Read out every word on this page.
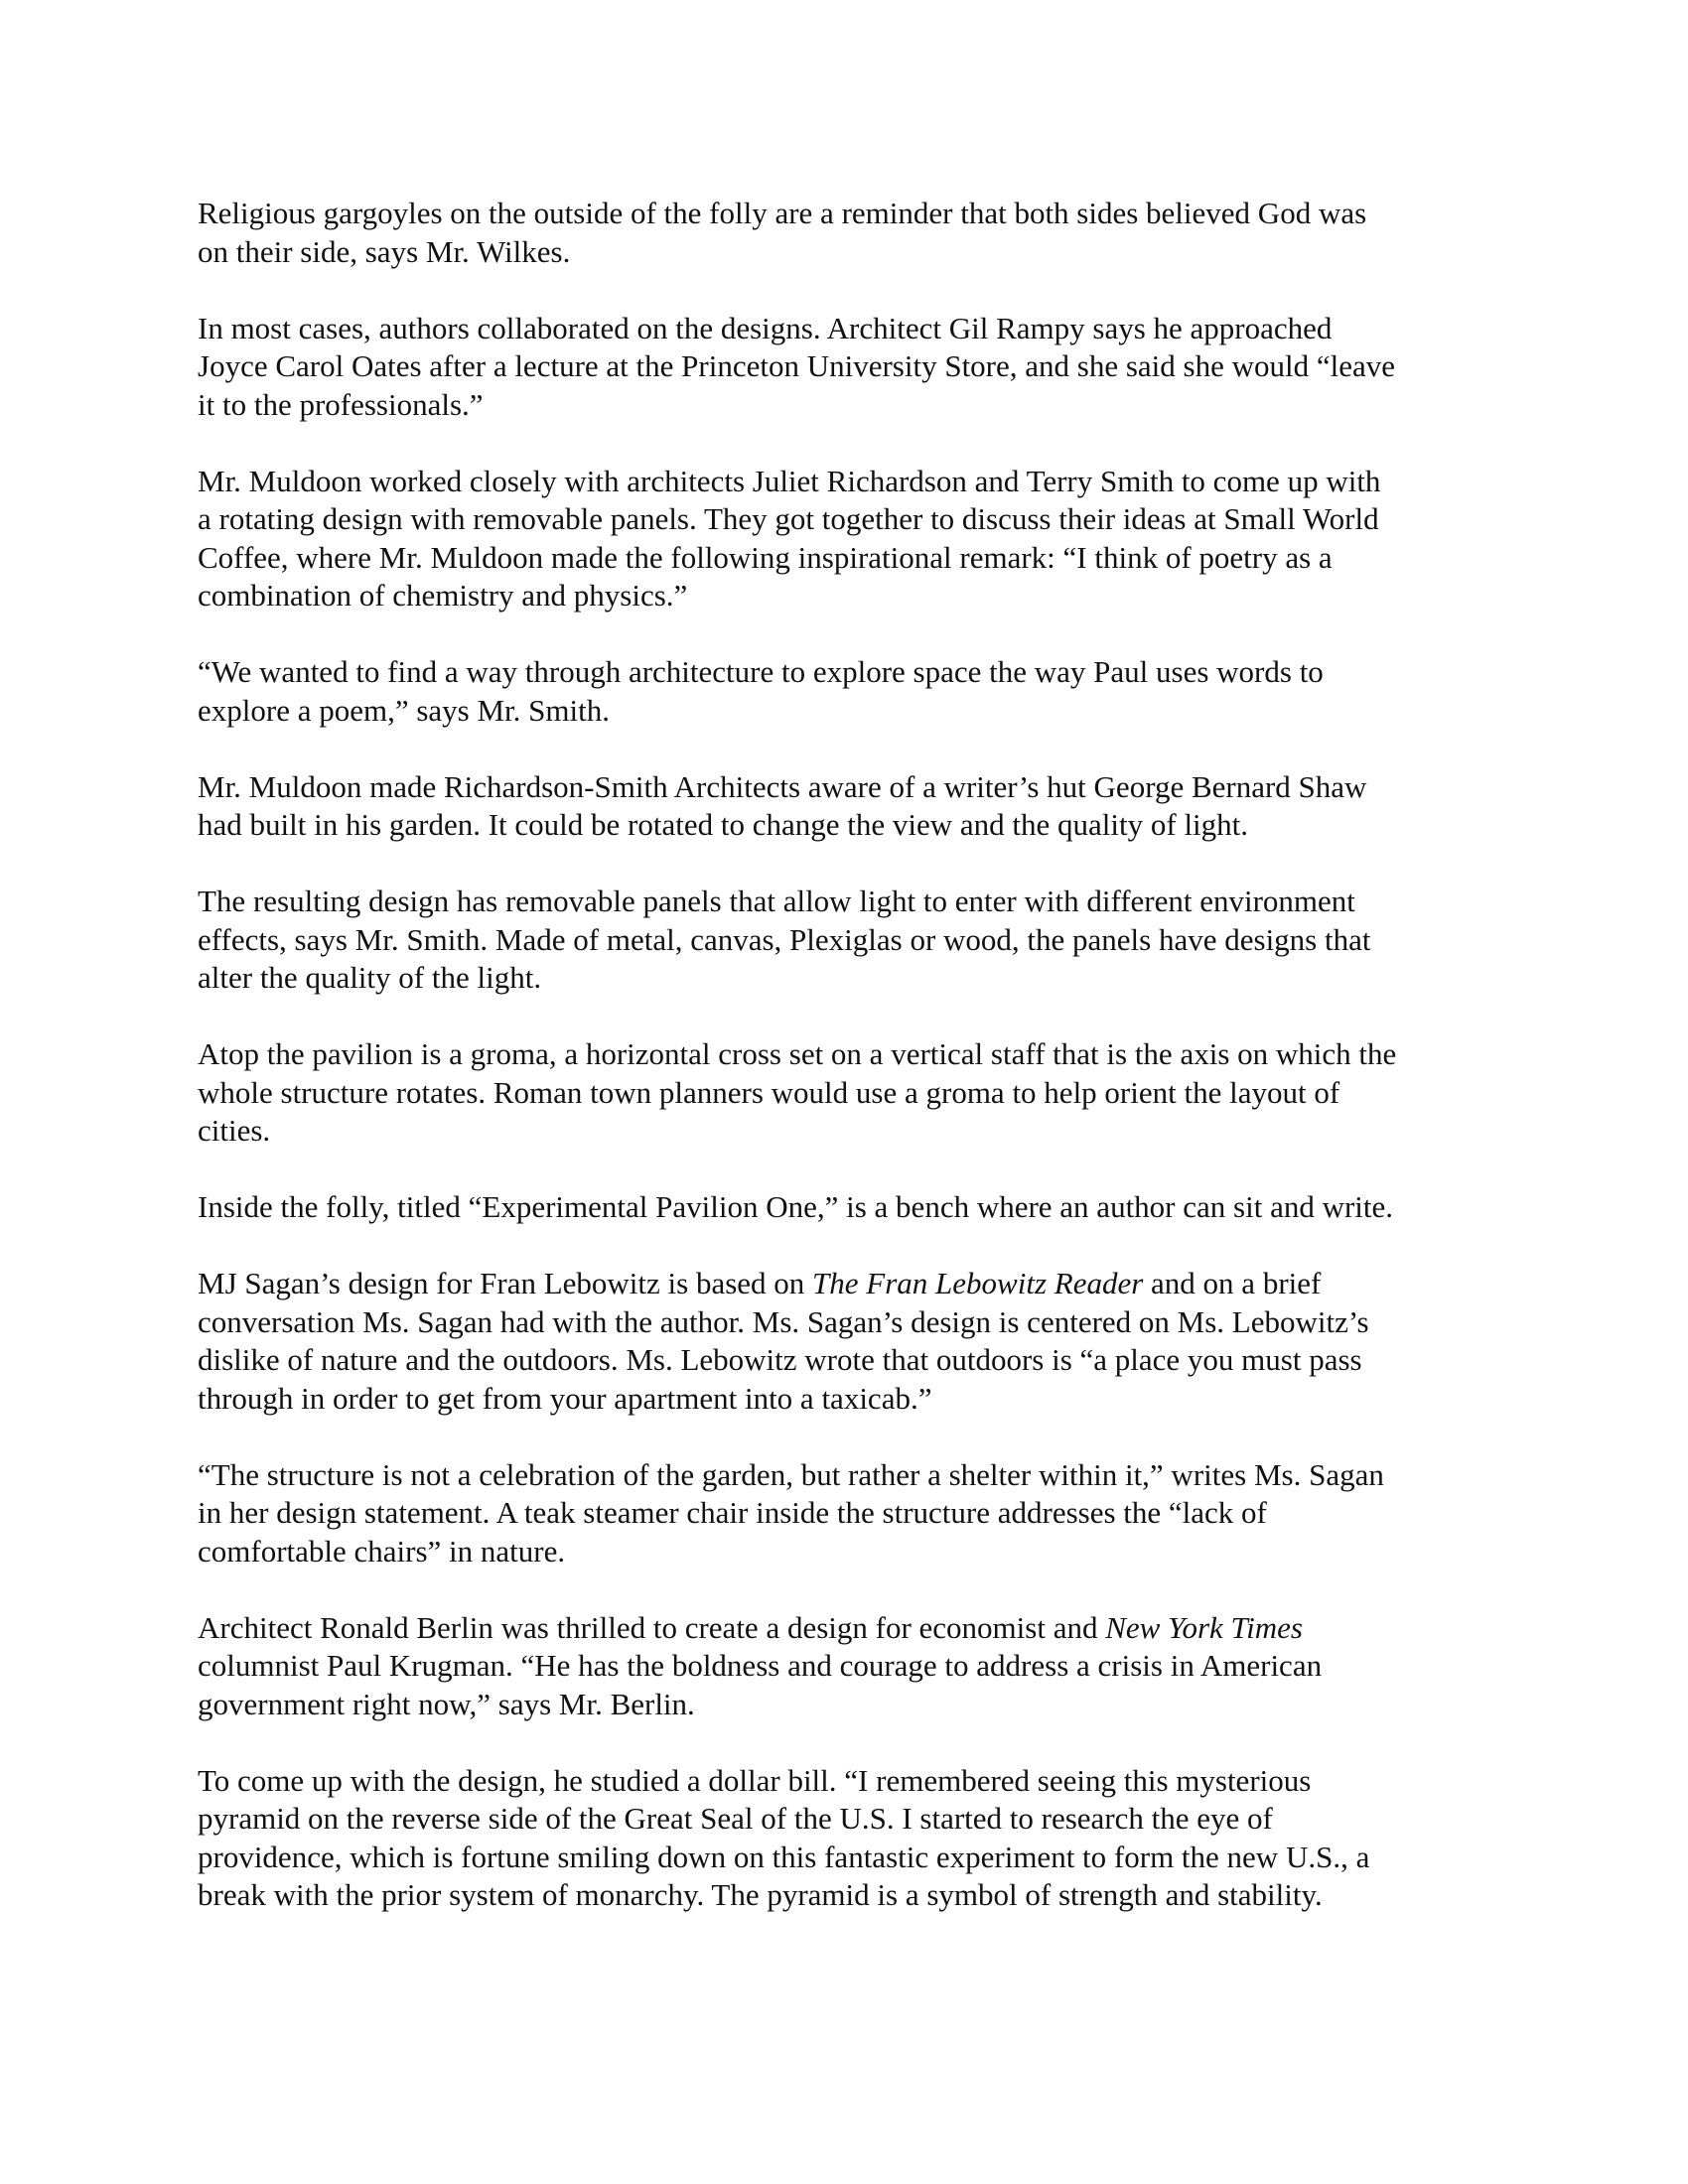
Religious gargoyles on the outside of the folly are a reminder that both sides believed God was
on their side, says Mr. Wilkes.

In most cases, authors collaborated on the designs. Architect Gil Rampy says he approached
Joyce Carol Oates after a lecture at the Princeton University Store, and she said she would “leave
it to the professionals.”

Mr. Muldoon worked closely with architects Juliet Richardson and Terry Smith to come up with
a rotating design with removable panels. They got together to discuss their ideas at Small World
Coffee, where Mr. Muldoon made the following inspirational remark: “I think of poetry as a
combination of chemistry and physics.”

“We wanted to find a way through architecture to explore space the way Paul uses words to
explore a poem,” says Mr. Smith.

Mr. Muldoon made Richardson-Smith Architects aware of a writer’s hut George Bernard Shaw
had built in his garden. It could be rotated to change the view and the quality of light.

The resulting design has removable panels that allow light to enter with different environment
effects, says Mr. Smith. Made of metal, canvas, Plexiglas or wood, the panels have designs that
alter the quality of the light.

Atop the pavilion is a groma, a horizontal cross set on a vertical staff that is the axis on which the
whole structure rotates. Roman town planners would use a groma to help orient the layout of
cities.

Inside the folly, titled “Experimental Pavilion One,” is a bench where an author can sit and write.

MJ Sagan’s design for Fran Lebowitz is based on The Fran Lebowitz Reader and on a brief
conversation Ms. Sagan had with the author. Ms. Sagan’s design is centered on Ms. Lebowitz’s
dislike of nature and the outdoors. Ms. Lebowitz wrote that outdoors is “a place you must pass
through in order to get from your apartment into a taxicab.”

“The structure is not a celebration of the garden, but rather a shelter within it,” writes Ms. Sagan
in her design statement. A teak steamer chair inside the structure addresses the “lack of
comfortable chairs” in nature.

Architect Ronald Berlin was thrilled to create a design for economist and New York Times
columnist Paul Krugman. “He has the boldness and courage to address a crisis in American
government right now,” says Mr. Berlin.

To come up with the design, he studied a dollar bill. “I remembered seeing this mysterious
pyramid on the reverse side of the Great Seal of the U.S. I started to research the eye of
providence, which is fortune smiling down on this fantastic experiment to form the new U.S., a
break with the prior system of monarchy. The pyramid is a symbol of strength and stability.
